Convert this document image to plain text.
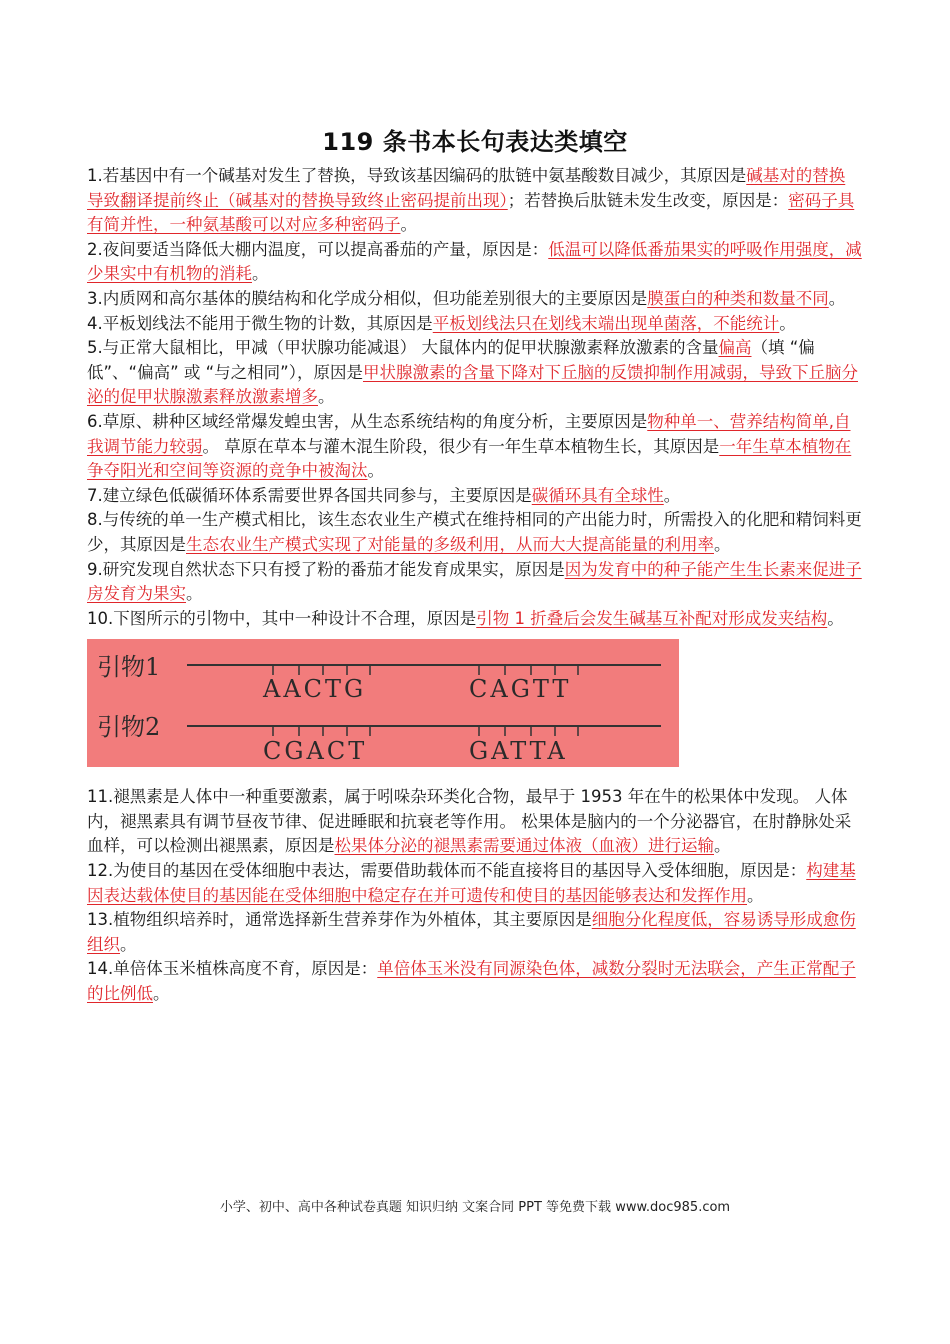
119 条书本长句表达类填空

1.若基因中有一个碱基对发生了替换，导致该基因编码的肽链中氨基酸数目减少，其原因是碱基对的替换 导致翻译提前终止（碱基对的替换导致终止密码提前出现）；若替换后肽链未发生改变，原因是：密码子具有简并性，一种氨基酸可以对应多种密码子。

2.夜间要适当降低大棚内温度，可以提高番茄的产量，原因是：低温可以降低番茄果实的呼吸作用强度，减少果实中有机物的消耗。

3.内质网和高尔基体的膜结构和化学成分相似，但功能差别很大的主要原因是膜蛋白的种类和数量不同。

4.平板划线法不能用于微生物的计数，其原因是平板划线法只在划线末端出现单菌落，不能统计。

5.与正常大鼠相比，甲减（甲状腺功能减退） 大鼠体内的促甲状腺激素释放激素的含量偏高（填 “偏低”、“偏高” 或 “与之相同”），原因是甲状腺激素的含量下降对下丘脑的反馈抑制作用减弱，导致下丘脑分泌的促甲状腺激素释放激素增多。

6.草原、耕种区域经常爆发蝗虫害，从生态系统结构的角度分析，主要原因是物种单一、营养结构简单,自我调节能力较弱。 草原在草本与灌木混生阶段，很少有一年生草本植物生长，其原因是一年生草本植物在争夺阳光和空间等资源的竞争中被淘汰。

7.建立绿色低碳循环体系需要世界各国共同参与，主要原因是碳循环具有全球性。

8.与传统的单一生产模式相比，该生态农业生产模式在维持相同的产出能力时，所需投入的化肥和精饲料更少，其原因是生态农业生产模式实现了对能量的多级利用，从而大大提高能量的利用率。

9.研究发现自然状态下只有授了粉的番茄才能发育成果实，原因是因为发育中的种子能产生生长素来促进子房发育为果实。

10.下图所示的引物中，其中一种设计不合理，原因是引物 1 折叠后会发生碱基互补配对形成发夹结构。

引物1
AACTG	CAGTT
引物2
CGACT	GATTA

11.褪黑素是人体中一种重要激素，属于吲哚杂环类化合物，最早于 1953 年在牛的松果体中发现。 人体内，褪黑素具有调节昼夜节律、促进睡眠和抗衰老等作用。 松果体是脑内的一个分泌器官，在肘静脉处采血样，可以检测出褪黑素，原因是松果体分泌的褪黑素需要通过体液（血液）进行运输。

12.为使目的基因在受体细胞中表达，需要借助载体而不能直接将目的基因导入受体细胞，原因是：构建基因表达载体使目的基因能在受体细胞中稳定存在并可遗传和使目的基因能够表达和发挥作用。

13.植物组织培养时，通常选择新生营养芽作为外植体，其主要原因是细胞分化程度低，容易诱导形成愈伤组织。

14.单倍体玉米植株高度不育，原因是：单倍体玉米没有同源染色体，减数分裂时无法联会，产生正常配子的比例低。

小学、初中、高中各种试卷真题 知识归纳 文案合同 PPT 等免费下载 www.doc985.com
